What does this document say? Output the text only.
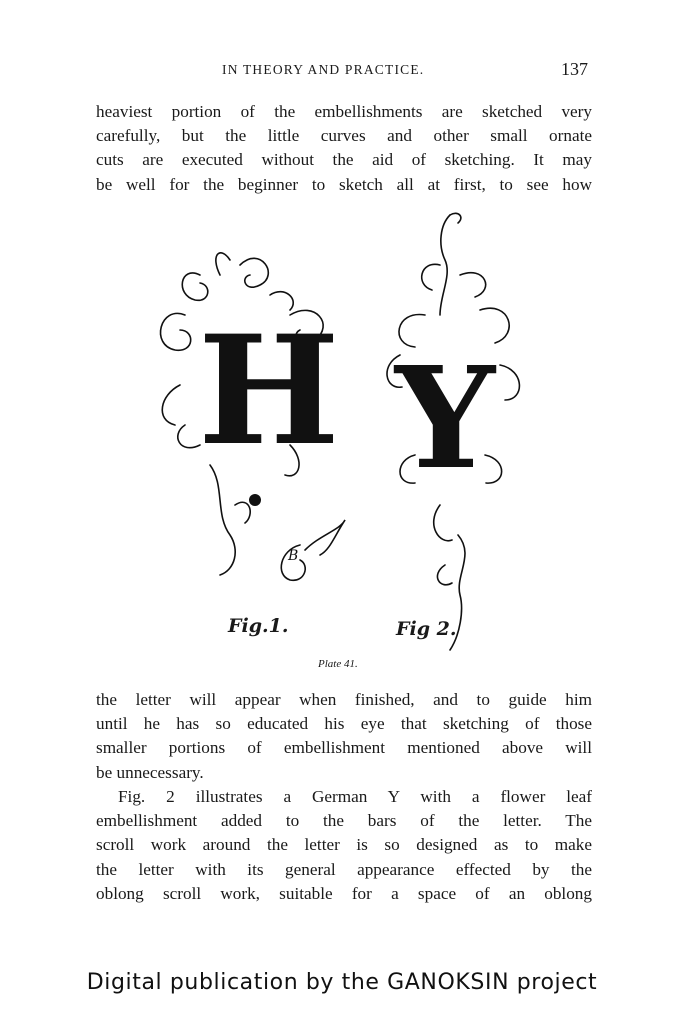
IN THEORY AND PRACTICE.	137

heaviest portion of the embellishments are sketched very
carefully, but the little curves and other small ornate
cuts are executed without the aid of sketching. It may
be well for the beginner to sketch all at first, to see how

H Y
B
Fig.1.	Fig 2.
Plate 41.

the letter will appear when finished, and to guide him
until he has so educated his eye that sketching of those
smaller portions of embellishment mentioned above will
be unnecessary.

Fig. 2 illustrates a German Y with a flower leaf
embellishment added to the bars of the letter. The
scroll work around the letter is so designed as to make
the letter with its general appearance effected by the
oblong scroll work, suitable for a space of an oblong

Digital publication by the GANOKSIN project
